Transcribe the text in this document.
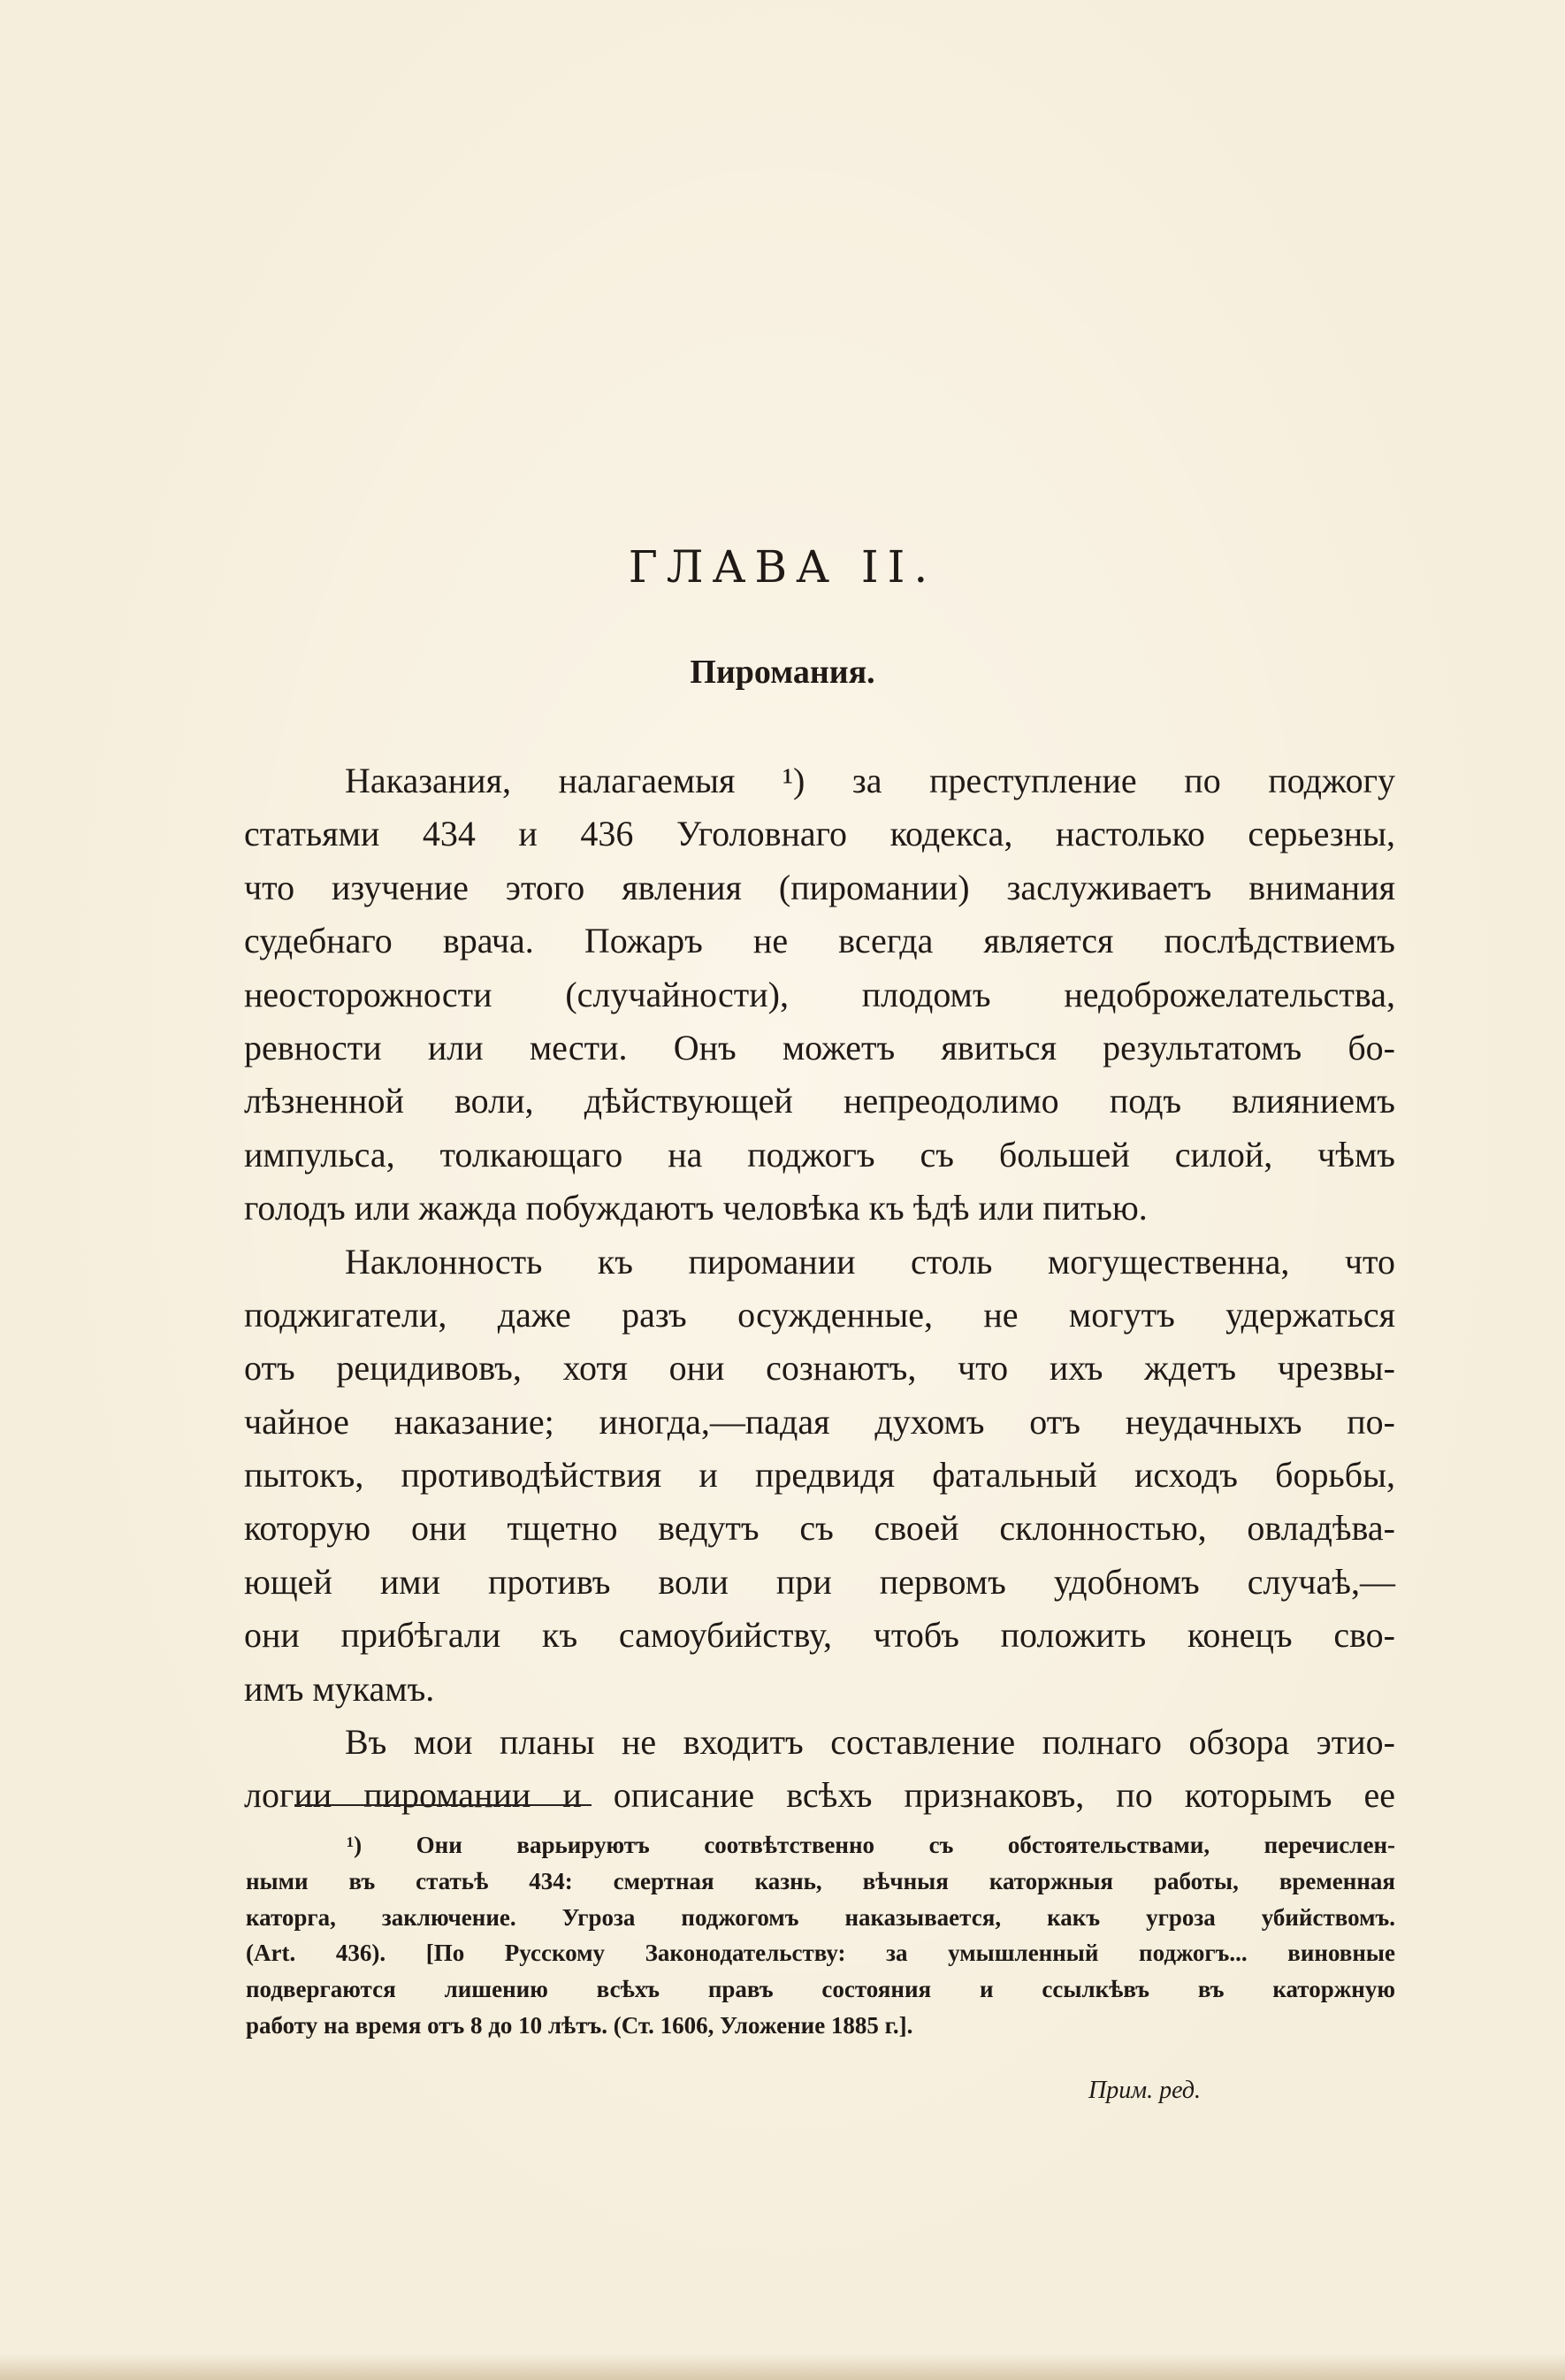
ГЛАВА II.
Пиромания.
Наказания, налагаемыя ¹) за преступление по поджогу
статьями 434 и 436 Уголовнаго кодекса, настолько серьезны,
что изучение этого явления (пиромании) заслуживаетъ внимания
судебнаго врача. Пожаръ не всегда является послѣдствиемъ
неосторожности (случайности), плодомъ недоброжелательства,
ревности или мести. Онъ можетъ явиться результатомъ бо-
лѣзненной воли, дѣйствующей непреодолимо подъ влияниемъ
импульса, толкающаго на поджогъ съ большей силой, чѣмъ
голодъ или жажда побуждаютъ человѣка къ ѣдѣ или питью.
Наклонность къ пиромании столь могущественна, что
поджигатели, даже разъ осужденные, не могутъ удержаться
отъ рецидивовъ, хотя они сознаютъ, что ихъ ждетъ чрезвы-
чайное наказание; иногда,—падая духомъ отъ неудачныхъ по-
пытокъ, противодѣйствия и предвидя фатальный исходъ борьбы,
которую они тщетно ведутъ съ своей склонностью, овладѣва-
ющей ими противъ воли при первомъ удобномъ случаѣ,—
они прибѣгали къ самоубийству, чтобъ положить конецъ сво-
имъ мукамъ.
Въ мои планы не входитъ составление полнаго обзора этио-
логии пиромании и описание всѣхъ признаковъ, по которымъ ее
¹) Они варьируютъ соотвѣтственно съ обстоятельствами, перечислен-
ными въ статьѣ 434: смертная казнь, вѣчныя каторжныя работы, временная
каторга, заключение. Угроза поджогомъ наказывается, какъ угроза убийствомъ.
(Art. 436). [По Русскому Законодательству: за умышленный поджогъ... виновные
подвергаются лишению всѣхъ правъ состояния и ссылкѣвъ въ каторжную
работу на время отъ 8 до 10 лѣтъ. (Ст. 1606, Уложение 1885 г.].
Прим. ред.
